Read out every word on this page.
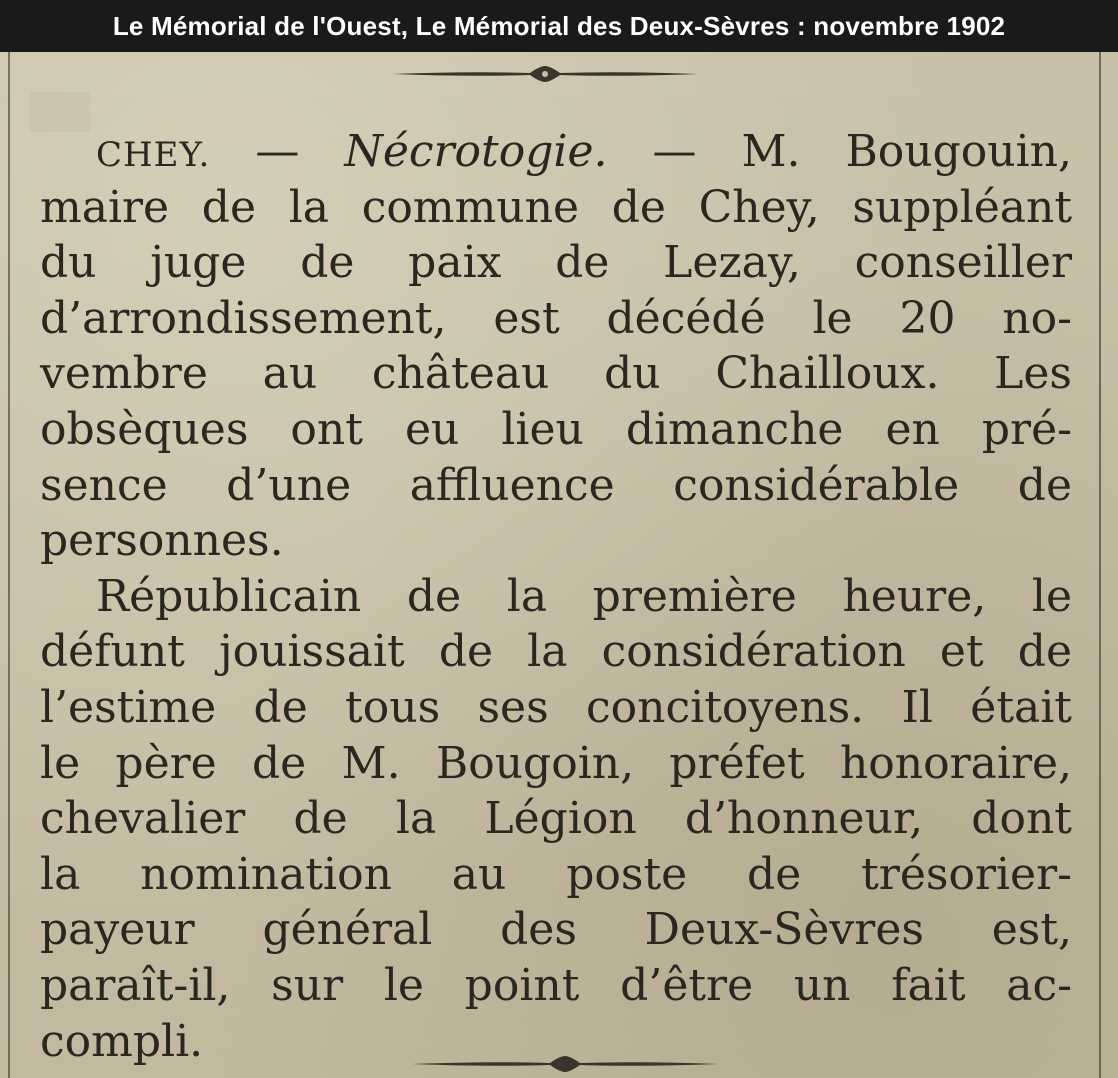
Le Mémorial de l'Ouest, Le Mémorial des Deux-Sèvres : novembre 1902
CHEY. — Nécrotogie. — M. Bougouin,
maire de la commune de Chey, suppléant
du juge de paix de Lezay, conseiller
d’arrondissement, est décédé le 20 no-
vembre au château du Chailloux. Les
obsèques ont eu lieu dimanche en pré-
sence d’une affluence considérable de
personnes.
Républicain de la première heure, le
défunt jouissait de la considération et de
l’estime de tous ses concitoyens. Il était
le père de M. Bougoin, préfet honoraire,
chevalier de la Légion d’honneur, dont
la nomination au poste de trésorier-
payeur général des Deux-Sèvres est,
paraît-il, sur le point d’être un fait ac-
compli.
